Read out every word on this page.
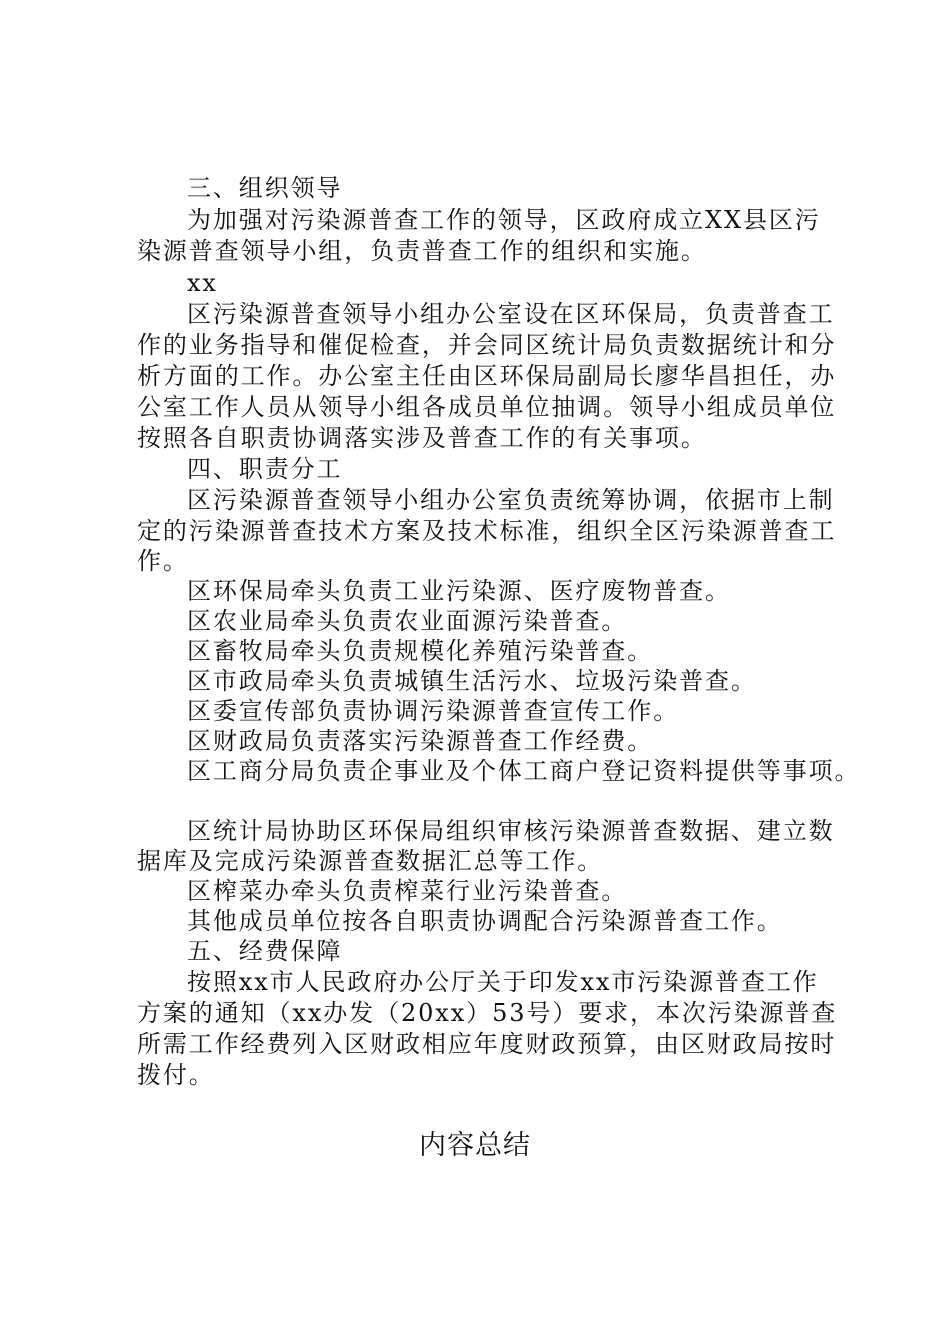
三、组织领导
为加强对污染源普查工作的领导，区政府成立XX县区污
染源普查领导小组，负责普查工作的组织和实施。
xx
区污染源普查领导小组办公室设在区环保局，负责普查工
作的业务指导和催促检查，并会同区统计局负责数据统计和分
析方面的工作。办公室主任由区环保局副局长廖华昌担任，办
公室工作人员从领导小组各成员单位抽调。领导小组成员单位
按照各自职责协调落实涉及普查工作的有关事项。
四、职责分工
区污染源普查领导小组办公室负责统筹协调，依据市上制
定的污染源普查技术方案及技术标准，组织全区污染源普查工
作。
区环保局牵头负责工业污染源、医疗废物普查。
区农业局牵头负责农业面源污染普查。
区畜牧局牵头负责规模化养殖污染普查。
区市政局牵头负责城镇生活污水、垃圾污染普查。
区委宣传部负责协调污染源普查宣传工作。
区财政局负责落实污染源普查工作经费。
区工商分局负责企事业及个体工商户登记资料提供等事项。
区统计局协助区环保局组织审核污染源普查数据、建立数
据库及完成污染源普查数据汇总等工作。
区榨菜办牵头负责榨菜行业污染普查。
其他成员单位按各自职责协调配合污染源普查工作。
五、经费保障
按照xx市人民政府办公厅关于印发xx市污染源普查工作
方案的通知（xx办发（20xx）53号）要求，本次污染源普查
所需工作经费列入区财政相应年度财政预算，由区财政局按时
拨付。
内容总结
